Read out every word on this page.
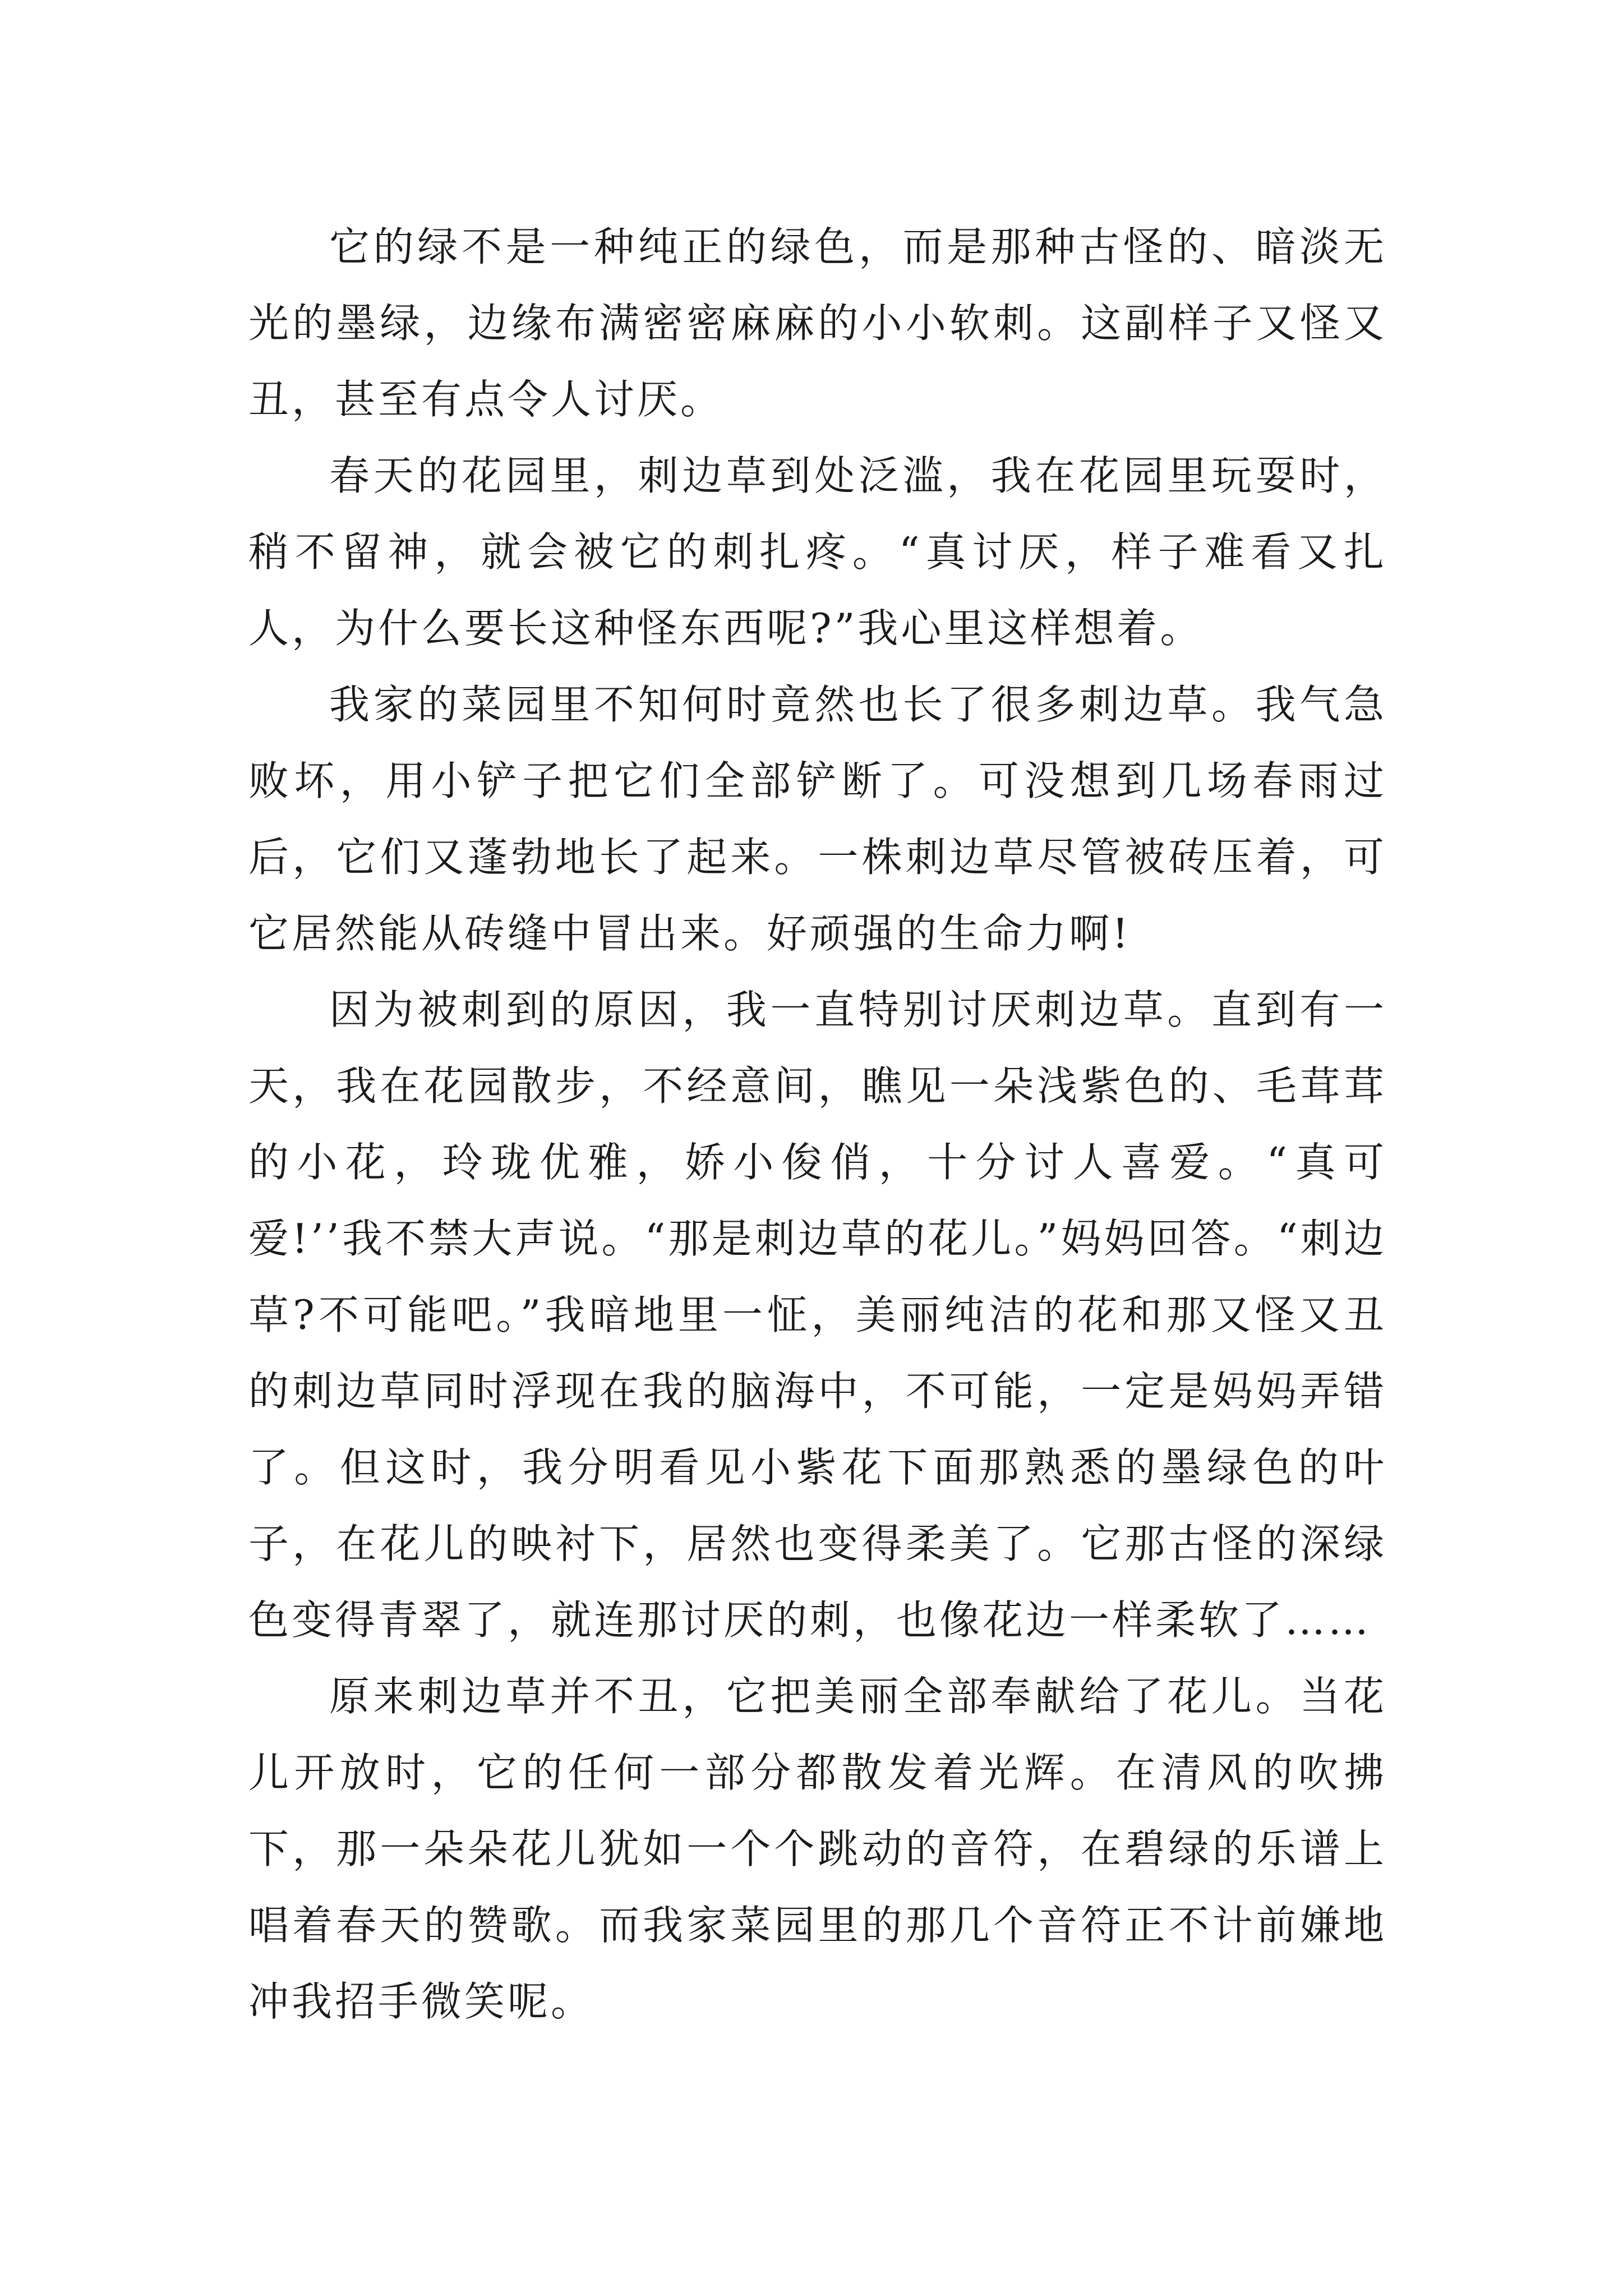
它的绿不是一种纯正的绿色，而是那种古怪的、暗淡无光的墨绿，边缘布满密密麻麻的小小软刺。这副样子又怪又丑，甚至有点令人讨厌。

春天的花园里，刺边草到处泛滥，我在花园里玩耍时，稍不留神，就会被它的刺扎疼。“真讨厌，样子难看又扎人，为什么要长这种怪东西呢?”我心里这样想着。

我家的菜园里不知何时竟然也长了很多刺边草。我气急败坏，用小铲子把它们全部铲断了。可没想到几场春雨过后，它们又蓬勃地长了起来。一株刺边草尽管被砖压着，可它居然能从砖缝中冒出来。好顽强的生命力啊!

因为被刺到的原因，我一直特别讨厌刺边草。直到有一天，我在花园散步，不经意间，瞧见一朵浅紫色的、毛茸茸的小花，玲珑优雅，娇小俊俏，十分讨人喜爱。“真可爱!’’我不禁大声说。“那是刺边草的花儿。”妈妈回答。“刺边草?不可能吧。”我暗地里一怔，美丽纯洁的花和那又怪又丑的刺边草同时浮现在我的脑海中，不可能，一定是妈妈弄错了。但这时，我分明看见小紫花下面那熟悉的墨绿色的叶子，在花儿的映衬下，居然也变得柔美了。它那古怪的深绿色变得青翠了，就连那讨厌的刺，也像花边一样柔软了……

原来刺边草并不丑，它把美丽全部奉献给了花儿。当花儿开放时，它的任何一部分都散发着光辉。在清风的吹拂下，那一朵朵花儿犹如一个个跳动的音符，在碧绿的乐谱上唱着春天的赞歌。而我家菜园里的那几个音符正不计前嫌地冲我招手微笑呢。
